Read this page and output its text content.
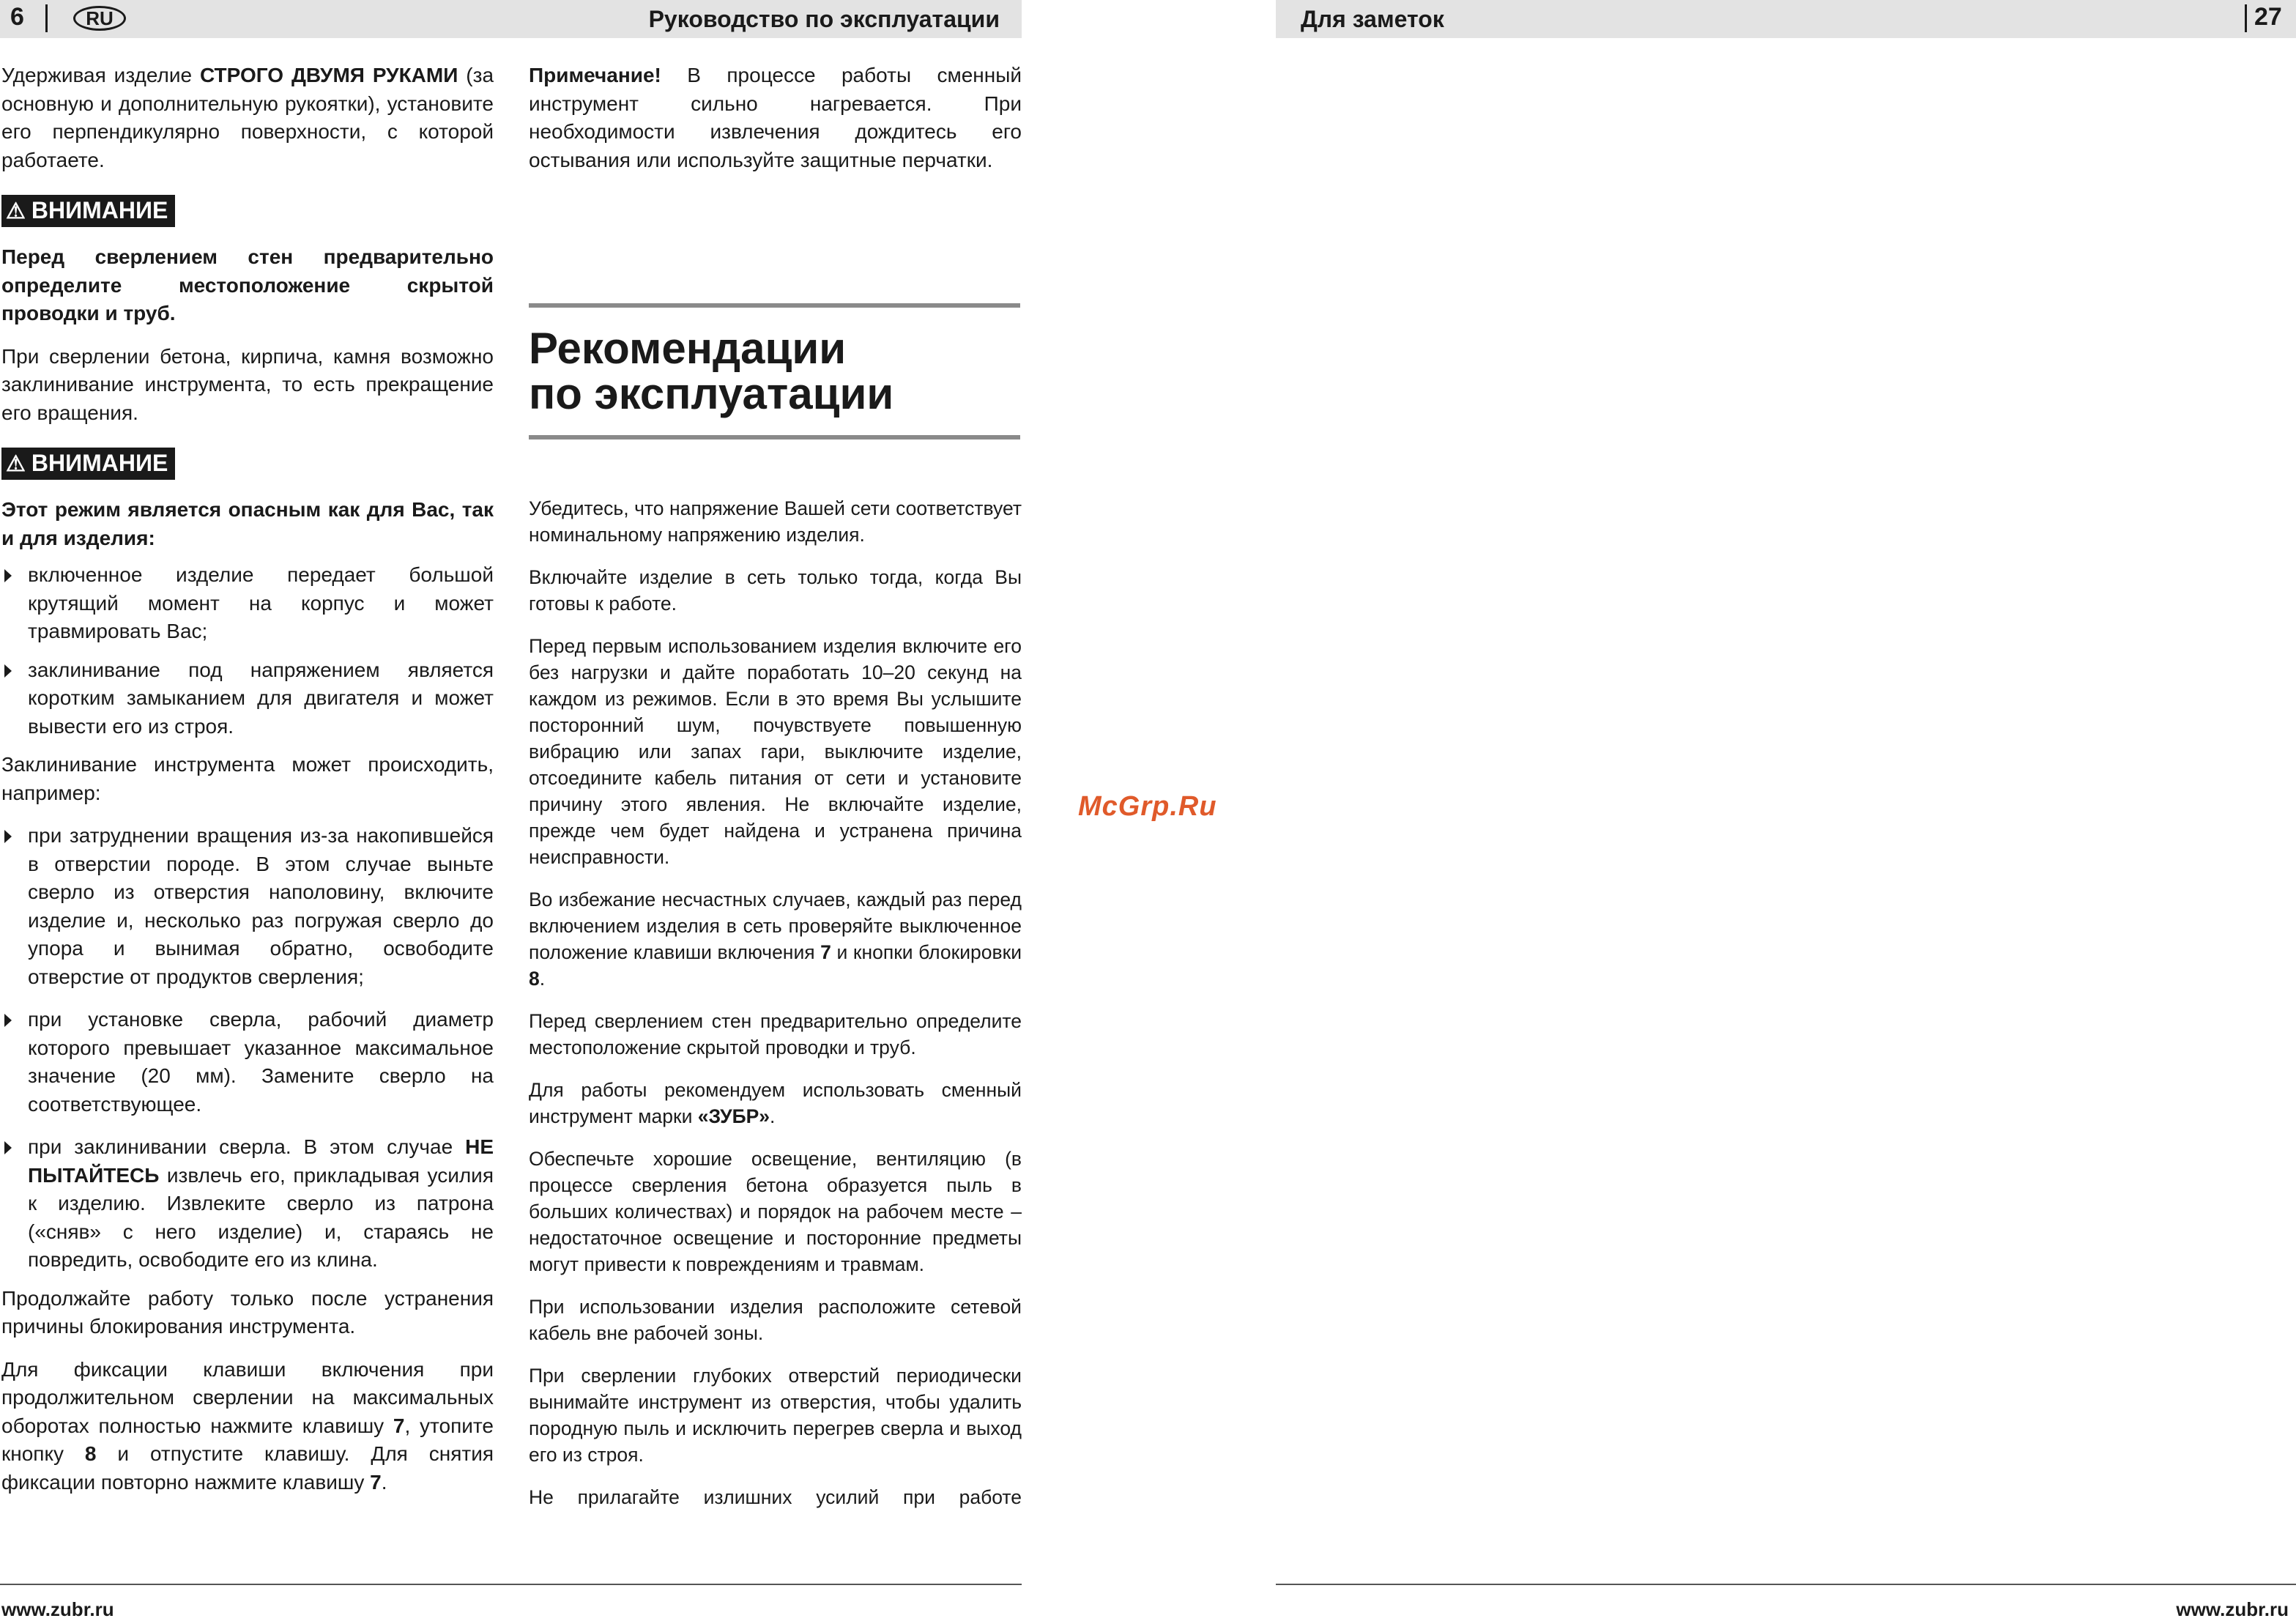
6	RU	Руководство по эксплуатации	Для заметок	27

Удерживая изделие СТРОГО ДВУМЯ РУКАМИ (за основную и дополнительную рукоятки), установите его перпендикулярно поверхности, с которой работаете.

⚠ ВНИМАНИЕ

Перед сверлением стен предварительно определите местоположение скрытой проводки и труб.

При сверлении бетона, кирпича, камня возможно заклинивание инструмента, то есть прекращение его вращения.

⚠ ВНИМАНИЕ

Этот режим является опасным как для Вас, так и для изделия:

включенное изделие передает большой крутящий момент на корпус и может травмировать Вас;
заклинивание под напряжением является коротким замыканием для двигателя и может вывести его из строя.

Заклинивание инструмента может происходить, например:

при затруднении вращения из-за накопившейся в отверстии породе. В этом случае выньте сверло из отверстия наполовину, включите изделие и, несколько раз погружая сверло до упора и вынимая обратно, освободите отверстие от продуктов сверления;
при установке сверла, рабочий диаметр которого превышает указанное максимальное значение (20 мм). Замените сверло на соответствующее.
при заклинивании сверла. В этом случае НЕ ПЫТАЙТЕСЬ извлечь его, прикладывая усилия к изделию. Извлеките сверло из патрона («сняв» с него изделие) и, стараясь не повредить, освободите его из клина.

Продолжайте работу только после устранения причины блокирования инструмента.

Для фиксации клавиши включения при продолжительном сверлении на максимальных оборотах полностью нажмите клавишу 7, утопите кнопку 8 и отпустите клавишу. Для снятия фиксации повторно нажмите клавишу 7.

Примечание! В процессе работы сменный инструмент сильно нагревается. При необходимости извлечения дождитесь его остывания или используйте защитные перчатки.

Рекомендации
по эксплуатации

Убедитесь, что напряжение Вашей сети соответствует номинальному напряжению изделия.

Включайте изделие в сеть только тогда, когда Вы готовы к работе.

Перед первым использованием изделия включите его без нагрузки и дайте поработать 10–20 секунд на каждом из режимов. Если в это время Вы услышите посторонний шум, почувствуете повышенную вибрацию или запах гари, выключите изделие, отсоедините кабель питания от сети и установите причину этого явления. Не включайте изделие, прежде чем будет найдена и устранена причина неисправности.

Во избежание несчастных случаев, каждый раз перед включением изделия в сеть проверяйте выключенное положение клавиши включения 7 и кнопки блокировки 8.

Перед сверлением стен предварительно определите местоположение скрытой проводки и труб.

Для работы рекомендуем использовать сменный инструмент марки «ЗУБР».

Обеспечьте хорошие освещение, вентиляцию (в процессе сверления бетона образуется пыль в больших количествах) и порядок на рабочем месте – недостаточное освещение и посторонние предметы могут привести к повреждениям и травмам.

При использовании изделия расположите сетевой кабель вне рабочей зоны.

При сверлении глубоких отверстий периодически вынимайте инструмент из отверстия, чтобы удалить породную пыль и исключить перегрев сверла и выход его из строя.

Не прилагайте излишних усилий при работе

McGrp.Ru
www.zubr.ru	www.zubr.ru
